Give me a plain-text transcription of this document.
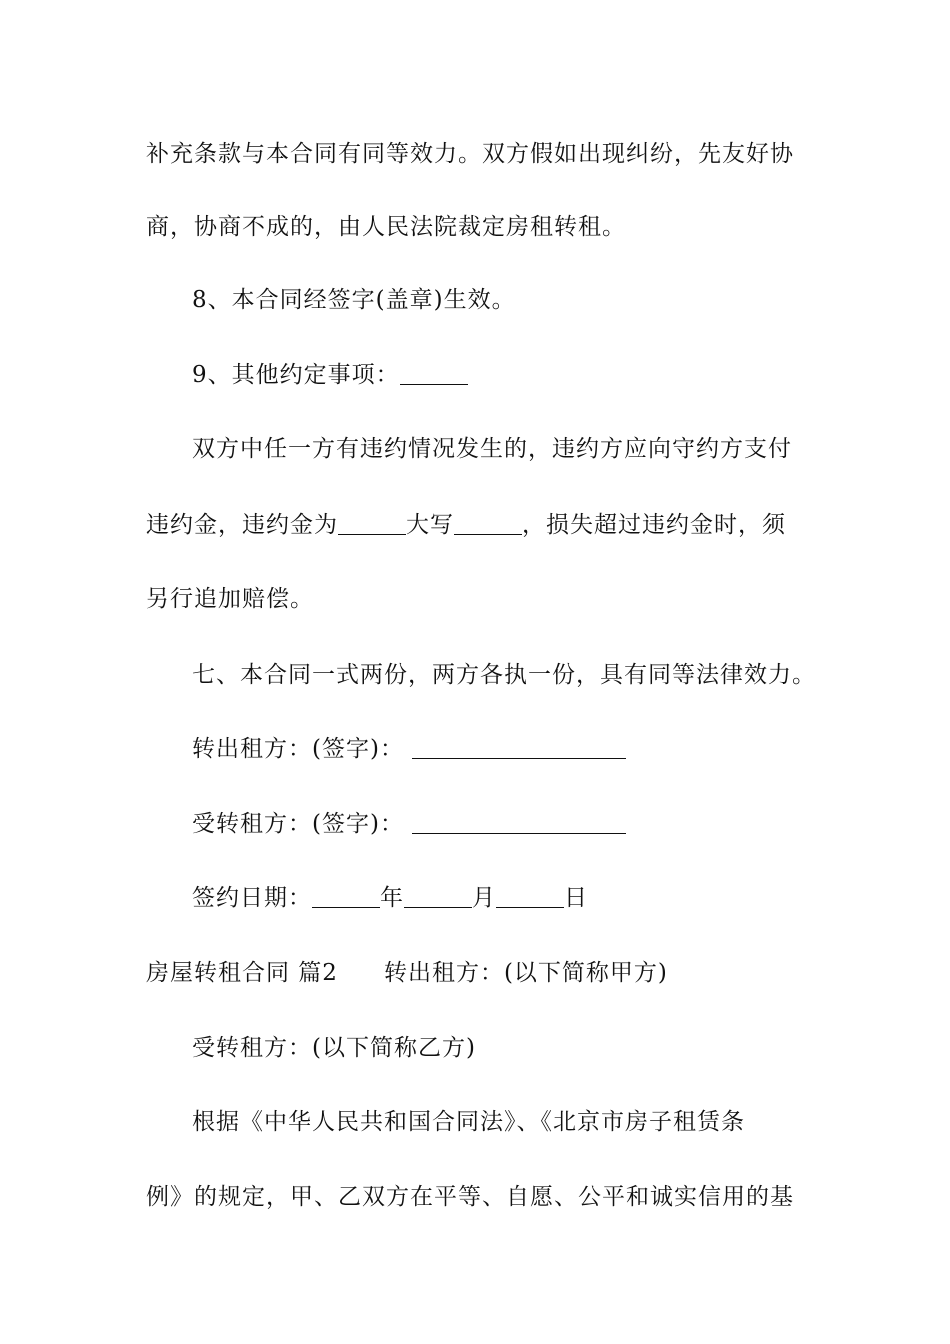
补充条款与本合同有同等效力。双方假如出现纠纷，先友好协
商，协商不成的，由人民法院裁定房租转租。
8、本合同经签字(盖章)生效。
9、其他约定事项：
双方中任一方有违约情况发生的，违约方应向守约方支付
违约金，违约金为	大写	，损失超过违约金时，须
另行追加赔偿。
七、本合同一式两份，两方各执一份，具有同等法律效力。
转出租方：(签字)：
受转租方：(签字)：
签约日期：	年	月	日
房屋转租合同 篇2 转出租方：(以下简称甲方)
受转租方：(以下简称乙方)
根据《中华人民共和国合同法》、《北京市房子租赁条
例》的规定，甲、乙双方在平等、自愿、公平和诚实信用的基
